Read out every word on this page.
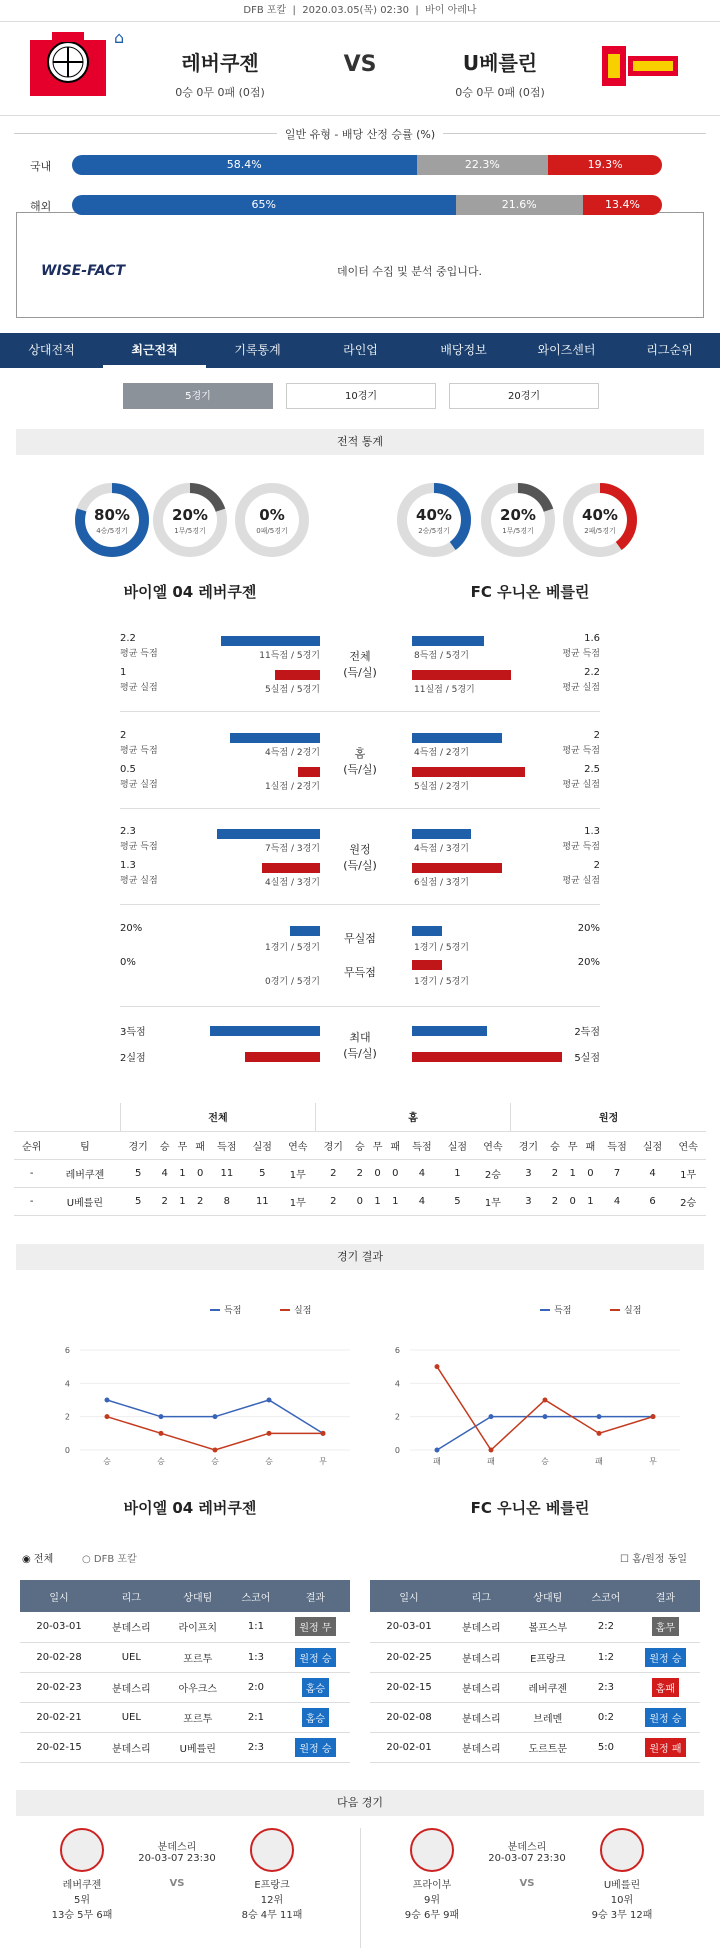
DFB 포칼  |  2020.03.05(목) 02:30  |  바이 아레나
⌂
레버쿠젠
0승 0무 0패 (0점)
VS	U베를린
0승 0무 0패 (0점)
일반 유형 - 배당 산정 승률 (%)
WISE-FACT	데이터 수집 및 분석 중입니다.
상대전적	최근전적	기록통계	라인업	배당정보	와이즈센터	리그순위
전적 통계
바이엘 04 레버쿠젠	FC 우니온 베를린
		전체							홈							원정						
순위	팀	경기	승	무	패	득점	실점	연속	경기	승	무	패	득점	실점	연속	경기	승	무	패	득점	실점	연속
-	레버쿠젠	5	4	1	0	11	5	1무	2	2	0	0	4	1	2승	3	2	1	0	7	4	1무
-	U베를린	5	2	1	2	8	11	1무	2	0	1	1	4	5	1무	3	2	0	1	4	6	2승
경기 결과
0
2
4
6
승	승	승	승	무
득점	실점
0
2
4
6
패	패	승	패	무
득점	실점
바이엘 04 레버쿠젠	FC 우니온 베를린
◉ 전체	○ DFB 포칼	☐ 홈/원정 동일
일시	리그	상대팀	스코어	결과
20-03-01	분데스리	라이프치	1:1	원정 무
20-02-28	UEL	포르투	1:3	원정 승
20-02-23	분데스리	아우크스	2:0	홈승
20-02-21	UEL	포르투	2:1	홈승
20-02-15	분데스리	U베를린	2:3	원정 승
일시	리그	상대팀	스코어	결과
20-03-01	분데스리	볼프스부	2:2	홈무
20-02-25	분데스리	E프랑크	1:2	원정 승
20-02-15	분데스리	레버쿠젠	2:3	홈패
20-02-08	분데스리	브레멘	0:2	원정 승
20-02-01	분데스리	도르트문	5:0	원정 패
다음 경기
국내	58.4%	22.3%	19.3%
해외	65%	21.6%	13.4%
5경기	10경기	20경기
80%
4승/5경기
20%
1무/5경기
0%
0패/5경기
40%
2승/5경기
20%
1무/5경기
40%
2패/5경기
2.2
평균 득점	11득점 / 5경기
1
평균 실점	5실점 / 5경기
1.6
평균 득점
8득점 / 5경기
2.2
평균 실점
11실점 / 5경기
전체
(득/실)
2
평균 득점	4득점 / 2경기
0.5
평균 실점	1실점 / 2경기
2
평균 득점
4득점 / 2경기
2.5
평균 실점
5실점 / 2경기
홈
(득/실)
2.3
평균 득점	7득점 / 3경기
1.3
평균 실점	4실점 / 3경기
1.3
평균 득점
4득점 / 3경기
2
평균 실점
6실점 / 3경기
원정
(득/실)
20%	20%
1경기 / 5경기	1경기 / 5경기
무실점
0%	20%
0경기 / 5경기	1경기 / 5경기
무득점
3득점
2실점
2득점
5실점
최대
(득/실)
레버쿠젠
5위
13승 5무 6패
분데스리
20-03-07 23:30
VS	E프랑크
12위
8승 4무 11패
프라이부
9위
9승 6무 9패
분데스리
20-03-07 23:30
VS	U베를린
10위
9승 3무 12패
